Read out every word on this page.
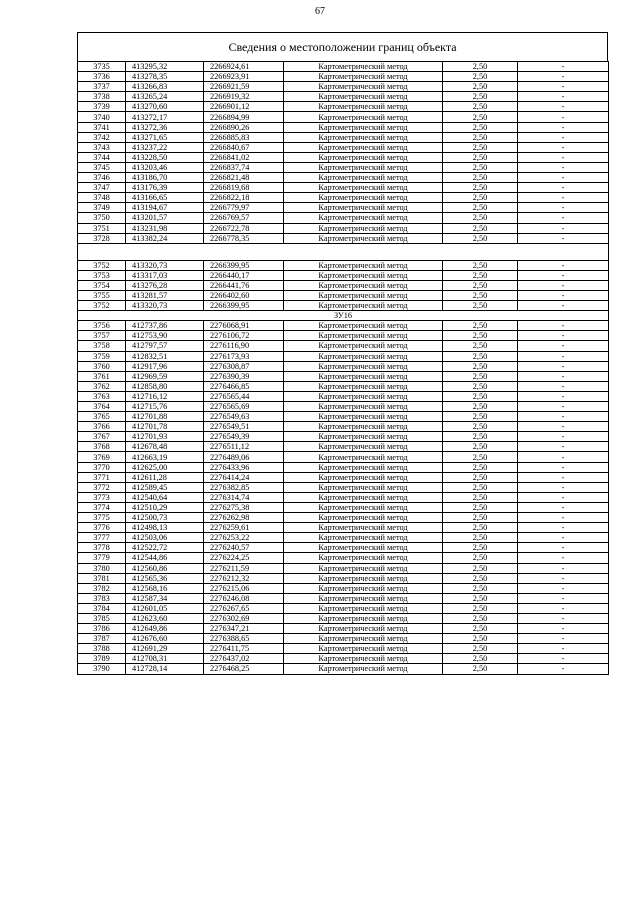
67
Сведения о местоположении границ объекта
3735	413295,32	2266924,61	Картометрический метод	2,50	-
3736	413278,35	2266923,91	Картометрический метод	2,50	-
3737	413266,83	2266921,59	Картометрический метод	2,50	-
3738	413265,24	2266919,32	Картометрический метод	2,50	-
3739	413270,60	2266901,12	Картометрический метод	2,50	-
3740	413272,17	2266894,99	Картометрический метод	2,50	-
3741	413272,36	2266890,26	Картометрический метод	2,50	-
3742	413271,65	2266885,83	Картометрический метод	2,50	-
3743	413237,22	2266840,67	Картометрический метод	2,50	-
3744	413228,50	2266841,02	Картометрический метод	2,50	-
3745	413203,46	2266837,74	Картометрический метод	2,50	-
3746	413186,70	2266821,48	Картометрический метод	2,50	-
3747	413176,39	2266819,68	Картометрический метод	2,50	-
3748	413166,65	2266822,18	Картометрический метод	2,50	-
3749	413194,67	2266779,97	Картометрический метод	2,50	-
3750	413201,57	2266769,57	Картометрический метод	2,50	-
3751	413231,98	2266722,78	Картометрический метод	2,50	-
3728	413382,24	2266778,35	Картометрический метод	2,50	-

3752	413320,73	2266399,95	Картометрический метод	2,50	-
3753	413317,03	2266440,17	Картометрический метод	2,50	-
3754	413276,28	2266441,76	Картометрический метод	2,50	-
3755	413281,57	2266402,60	Картометрический метод	2,50	-
3752	413320,73	2266399,95	Картометрический метод	2,50	-
ЗУ16					
3756	412737,86	2276068,91	Картометрический метод	2,50	-
3757	412753,90	2276106,72	Картометрический метод	2,50	-
3758	412797,57	2276116,90	Картометрический метод	2,50	-
3759	412832,51	2276173,93	Картометрический метод	2,50	-
3760	412917,96	2276308,87	Картометрический метод	2,50	-
3761	412969,59	2276390,39	Картометрический метод	2,50	-
3762	412858,80	2276466,85	Картометрический метод	2,50	-
3763	412716,12	2276565,44	Картометрический метод	2,50	-
3764	412715,76	2276565,69	Картометрический метод	2,50	-
3765	412701,88	2276549,63	Картометрический метод	2,50	-
3766	412701,78	2276549,51	Картометрический метод	2,50	-
3767	412701,93	2276549,39	Картометрический метод	2,50	-
3768	412678,48	2276511,12	Картометрический метод	2,50	-
3769	412663,19	2276489,06	Картометрический метод	2,50	-
3770	412625,00	2276433,96	Картометрический метод	2,50	-
3771	412611,28	2276414,24	Картометрический метод	2,50	-
3772	412589,45	2276382,85	Картометрический метод	2,50	-
3773	412540,64	2276314,74	Картометрический метод	2,50	-
3774	412510,29	2276275,38	Картометрический метод	2,50	-
3775	412500,73	2276262,98	Картометрический метод	2,50	-
3776	412498,13	2276259,61	Картометрический метод	2,50	-
3777	412503,06	2276253,22	Картометрический метод	2,50	-
3778	412522,72	2276240,57	Картометрический метод	2,50	-
3779	412544,86	2276224,25	Картометрический метод	2,50	-
3780	412560,86	2276211,59	Картометрический метод	2,50	-
3781	412565,36	2276212,32	Картометрический метод	2,50	-
3782	412568,16	2276215,06	Картометрический метод	2,50	-
3783	412587,34	2276246,08	Картометрический метод	2,50	-
3784	412601,05	2276267,65	Картометрический метод	2,50	-
3785	412623,60	2276302,69	Картометрический метод	2,50	-
3786	412649,86	2276347,21	Картометрический метод	2,50	-
3787	412676,60	2276388,65	Картометрический метод	2,50	-
3788	412691,29	2276411,75	Картометрический метод	2,50	-
3789	412708,31	2276437,02	Картометрический метод	2,50	-
3790	412728,14	2276468,25	Картометрический метод	2,50	-
